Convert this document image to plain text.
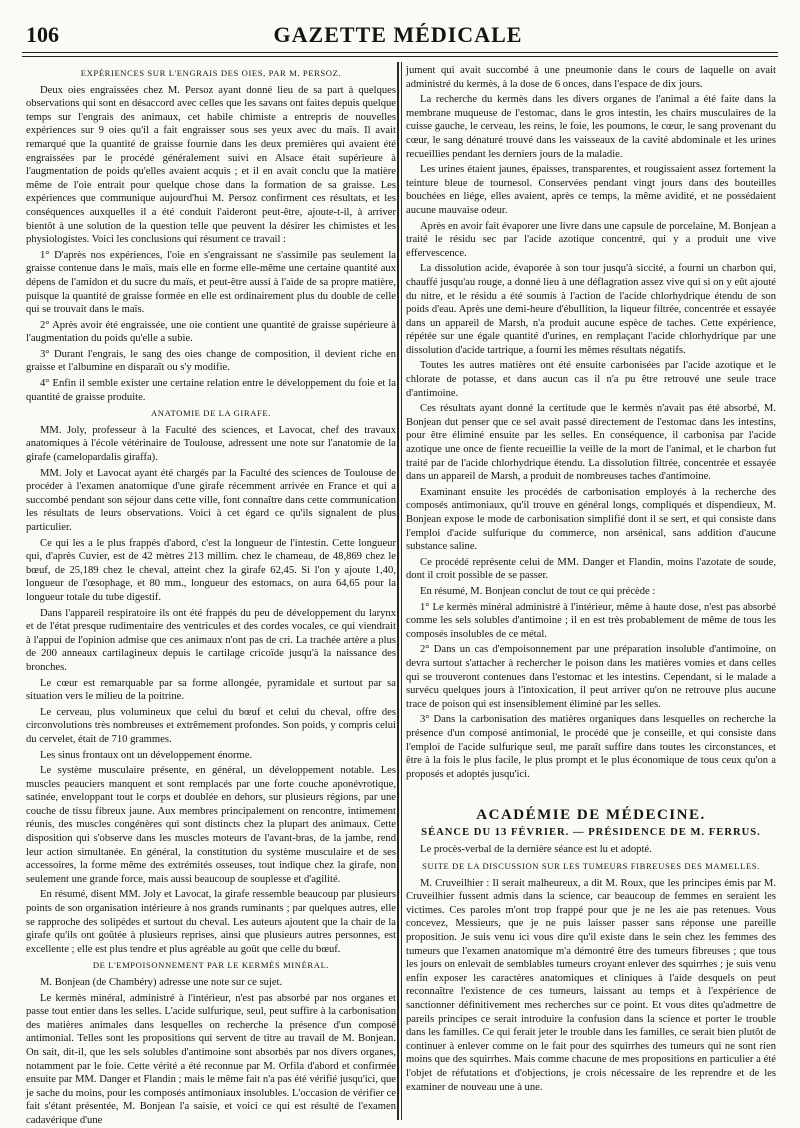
106	GAZETTE MÉDICALE
EXPÉRIENCES SUR L'ENGRAIS DES OIES, PAR M. PERSOZ.

Deux oies engraissées chez M. Persoz ayant donné lieu de sa part à quelques observations qui sont en désaccord avec celles que les savans ont faites depuis quelque temps sur l'engrais des animaux, cet habile chimiste a entrepris de nouvelles expériences sur 9 oies qu'il a fait engraisser sous ses yeux avec du maïs. Il avait remarqué que la quantité de graisse fournie dans les deux premières qui avaient été engraissées par le procédé généralement suivi en Alsace était supérieure à l'augmentation de poids qu'elles avaient acquis ; et il en avait conclu que la matière même de l'oie entrait pour quelque chose dans la formation de sa graisse. Les expériences que communique aujourd'hui M. Persoz confirment ces résultats, et les conséquences auxquelles il a été conduit l'aideront peut-être, ajoute-t-il, à arriver bientôt à une solution de la question telle que peuvent la désirer les chimistes et les physiologistes. Voici les conclusions qui résument ce travail :

1° D'après nos expériences, l'oie en s'engraissant ne s'assimile pas seulement la graisse contenue dans le maïs, mais elle en forme elle-même une certaine quantité aux dépens de l'amidon et du sucre du maïs, et peut-être aussi à l'aide de sa propre matière, puisque la quantité de graisse formée en elle est ordinairement plus du double de celle qui se trouvait dans le maïs.

2° Après avoir été engraissée, une oie contient une quantité de graisse supérieure à l'augmentation du poids qu'elle a subie.

3° Durant l'engrais, le sang des oies change de composition, il devient riche en graisse et l'albumine en disparaît ou s'y modifie.

4° Enfin il semble exister une certaine relation entre le développement du foie et la quantité de graisse produite.

ANATOMIE DE LA GIRAFE.

MM. Joly, professeur à la Faculté des sciences, et Lavocat, chef des travaux anatomiques à l'école vétérinaire de Toulouse, adressent une note sur l'anatomie de la girafe (camelopardalis giraffa).

MM. Joly et Lavocat ayant été chargés par la Faculté des sciences de Toulouse de procéder à l'examen anatomique d'une girafe récemment arrivée en France et qui a succombé pendant son séjour dans cette ville, font connaître dans cette communication les résultats de leurs observations. Voici à cet égard ce qu'ils signalent de plus particulier.

Ce qui les a le plus frappés d'abord, c'est la longueur de l'intestin. Cette longueur qui, d'après Cuvier, est de 42 mètres 213 millim. chez le chameau, de 48,869 chez le bœuf, de 25,189 chez le cheval, atteint chez la girafe 62,45. Si l'on y ajoute 1,40, longueur de l'œsophage, et 80 mm., longueur des estomacs, on aura 64,65 pour la longueur totale du tube digestif.

Dans l'appareil respiratoire ils ont été frappés du peu de développement du larynx et de l'état presque rudimentaire des ventricules et des cordes vocales, ce qui viendrait à l'appui de l'opinion admise que ces animaux n'ont pas de cri. La trachée artère a plus de 200 anneaux cartilagineux depuis le cartilage cricoïde jusqu'à la naissance des bronches.

Le cœur est remarquable par sa forme allongée, pyramidale et surtout par sa situation vers le milieu de la poitrine.

Le cerveau, plus volumineux que celui du bœuf et celui du cheval, offre des circonvolutions très nombreuses et extrêmement profondes. Son poids, y compris celui du cervelet, était de 710 grammes.

Les sinus frontaux ont un développement énorme.

Le système musculaire présente, en général, un développement notable. Les muscles peauciers manquent et sont remplacés par une forte couche aponévrotique, satinée, enveloppant tout le corps et doublée en dehors, sur plusieurs régions, par une couche de tissu fibreux jaune. Aux membres principalement on rencontre, intimement réunis, des muscles congénères qui sont distincts chez la plupart des animaux. Cette disposition qui s'observe dans les muscles moteurs de l'avant-bras, de la jambe, rend leur action simultanée. En général, la constitution du système musculaire et de ses accessoires, la forme même des extrémités osseuses, tout indique chez la girafe, non seulement une grande force, mais aussi beaucoup de souplesse et d'agilité.

En résumé, disent MM. Joly et Lavocat, la girafe ressemble beaucoup par plusieurs points de son organisation intérieure à nos grands ruminants ; par quelques autres, elle se rapproche des solipèdes et surtout du cheval. Les auteurs ajoutent que la chair de la girafe qu'ils ont goûtée à plusieurs reprises, ainsi que plusieurs autres personnes, est excellente ; elle est plus tendre et plus agréable au goût que celle du bœuf.

DE L'EMPOISONNEMENT PAR LE KERMÈS MINÉRAL.

M. Bonjean (de Chambéry) adresse une note sur ce sujet.

Le kermès minéral, administré à l'intérieur, n'est pas absorbé par nos organes et passe tout entier dans les selles. L'acide sulfurique, seul, peut suffire à la carbonisation des matières animales dans lesquelles on recherche la présence d'un composé antimonial. Telles sont les propositions qui servent de titre au travail de M. Bonjean. On sait, dit-il, que les sels solubles d'antimoine sont absorbés par nos divers organes, notamment par le foie. Cette vérité a été reconnue par M. Orfila d'abord et confirmée ensuite par MM. Danger et Flandin ; mais le même fait n'a pas été vérifié jusqu'ici, que je sache du moins, pour les composés antimoniaux insolubles. L'occasion de vérifier ce fait s'étant présentée, M. Bonjean l'a saisie, et voici ce qui est résulté de l'examen cadavérique d'une

jument qui avait succombé à une pneumonie dans le cours de laquelle on avait administré du kermès, à la dose de 6 onces, dans l'espace de dix jours.

La recherche du kermès dans les divers organes de l'animal a été faite dans la membrane muqueuse de l'estomac, dans le gros intestin, les chairs musculaires de la cuisse gauche, le cerveau, les reins, le foie, les poumons, le cœur, le sang provenant du cœur, le sang dénaturé trouvé dans les vaisseaux de la cavité abdominale et les urines recueillies pendant les derniers jours de la maladie.

Les urines étaient jaunes, épaisses, transparentes, et rougissaient assez fortement la teinture bleue de tournesol. Conservées pendant vingt jours dans des bouteilles bouchées en liége, elles avaient, après ce temps, la même avidité, et ne possédaient aucune mauvaise odeur.

Après en avoir fait évaporer une livre dans une capsule de porcelaine, M. Bonjean a traité le résidu sec par l'acide azotique concentré, qui y a produit une vive effervescence.

La dissolution acide, évaporée à son tour jusqu'à siccité, a fourni un charbon qui, chauffé jusqu'au rouge, a donné lieu à une déflagration assez vive qui si on y eût ajouté du nitre, et le résidu a été soumis à l'action de l'acide chlorhydrique étendu de son poids d'eau. Après une demi-heure d'ébullition, la liqueur filtrée, concentrée et essayée dans un appareil de Marsh, n'a produit aucune espèce de taches. Cette expérience, répétée sur une égale quantité d'urines, en remplaçant l'acide chlorhydrique par une dissolution d'acide tartrique, a fourni les mêmes résultats négatifs.

Toutes les autres matières ont été ensuite carbonisées par l'acide azotique et le chlorate de potasse, et dans aucun cas il n'a pu être retrouvé une seule trace d'antimoine.

Ces résultats ayant donné la certitude que le kermès n'avait pas été absorbé, M. Bonjean dut penser que ce sel avait passé directement de l'estomac dans les intestins, pour être éliminé ensuite par les selles. En conséquence, il carbonisa par l'acide azotique une once de fiente recueillie la veille de la mort de l'animal, et le charbon fut traité par de l'acide chlorhydrique étendu. La dissolution filtrée, concentrée et essayée dans un appareil de Marsh, a produit de nombreuses taches d'antimoine.

Examinant ensuite les procédés de carbonisation employés à la recherche des composés antimoniaux, qu'il trouve en général longs, compliqués et dispendieux, M. Bonjean expose le mode de carbonisation simplifié dont il se sert, et qui consiste dans l'emploi d'acide sulfurique du commerce, non arsénical, sans addition d'aucune substance saline.

Ce procédé représente celui de MM. Danger et Flandin, moins l'azotate de soude, dont il croit possible de se passer.

En résumé, M. Bonjean conclut de tout ce qui précède :

1° Le kermès minéral administré à l'intérieur, même à haute dose, n'est pas absorbé comme les sels solubles d'antimoine ; il en est très probablement de même de tous les composés insolubles de ce métal.

2° Dans un cas d'empoisonnement par une préparation insoluble d'antimoine, on devra surtout s'attacher à rechercher le poison dans les matières vomies et dans celles qui se trouveront contenues dans l'estomac et les intestins. Cependant, si le malade a survécu quelques jours à l'intoxication, il peut arriver qu'on ne retrouve plus aucune trace de poison qui est insensiblement éliminé par les selles.

3° Dans la carbonisation des matières organiques dans lesquelles on recherche la présence d'un composé antimonial, le procédé que je conseille, et qui consiste dans l'emploi de l'acide sulfurique seul, me paraît suffire dans toutes les circonstances, et être à la fois le plus facile, le plus prompt et le plus économique de tous ceux qu'on a proposés et adoptés jusqu'ici.

ACADÉMIE DE MÉDECINE.
SÉANCE DU 13 FÉVRIER. — PRÉSIDENCE DE M. FERRUS.

Le procès-verbal de la dernière séance est lu et adopté.

SUITE DE LA DISCUSSION SUR LES TUMEURS FIBREUSES DES MAMELLES.

M. Cruveilhier : Il serait malheureux, a dit M. Roux, que les principes émis par M. Cruveilhier fussent admis dans la science, car beaucoup de femmes en seraient les victimes. Ces paroles m'ont trop frappé pour que je ne les aie pas retenues. Vous concevez, Messieurs, que je ne puis laisser passer sans réponse une pareille proposition. Je suis venu ici vous dire qu'il existe dans le sein chez les femmes des tumeurs que l'examen anatomique m'a démontré être des tumeurs fibreuses ; que tous les jours on enlevait de semblables tumeurs croyant enlever des squirrhes ; je suis venu enfin exposer les caractères anatomiques et cliniques à l'aide desquels on peut reconnaître l'existence de ces tumeurs, laissant au temps et à l'expérience de sanctionner définitivement mes recherches sur ce point. Et vous dites qu'admettre de pareils principes ce serait introduire la confusion dans la science et porter le trouble dans les familles. Ce qui ferait jeter le trouble dans les familles, ce serait bien plutôt de continuer à enlever comme on le fait pour des squirrhes des tumeurs qui ne sont rien moins que des squirrhes. Mais comme chacune de mes propositions en particulier a été l'objet de réfutations et d'objections, je crois nécessaire de les reprendre et de les examiner de nouveau une à une.
